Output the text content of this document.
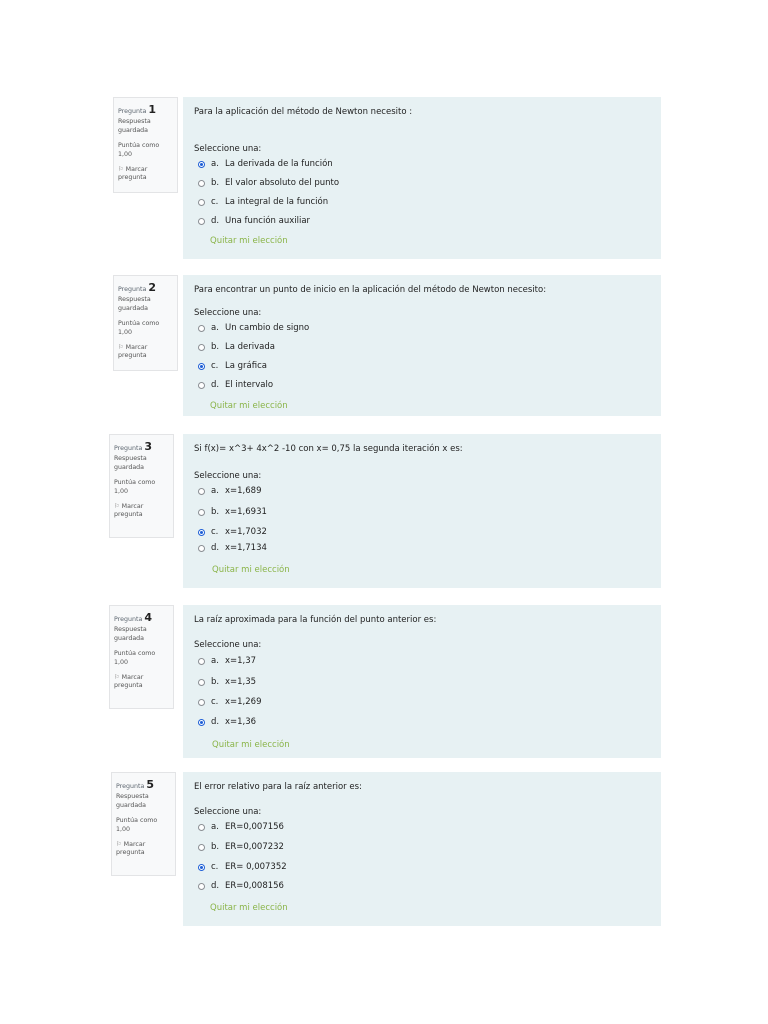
Pregunta 1
Respuesta guardada
Puntúa como 1,00
⚐ Marcar pregunta
Para la aplicación del método de Newton necesito :
Seleccione una:
a. La derivada de la función
b. El valor absoluto del punto
c. La integral de la función
d. Una función auxiliar
Quitar mi elección
Pregunta 2
Respuesta guardada
Puntúa como 1,00
⚐ Marcar pregunta
Para encontrar un punto de inicio en la aplicación del método de Newton necesito:
Seleccione una:
a. Un cambio de signo
b. La derivada
c. La gráfica
d. El intervalo
Quitar mi elección
Pregunta 3
Respuesta guardada
Puntúa como 1,00
⚐ Marcar pregunta
Si f(x)= x^3+ 4x^2 -10 con x= 0,75 la segunda iteración x es:
Seleccione una:
a. x=1,689
b. x=1,6931
c. x=1,7032
d. x=1,7134
Quitar mi elección
Pregunta 4
Respuesta guardada
Puntúa como 1,00
⚐ Marcar pregunta
La raíz aproximada para la función del punto anterior es:
Seleccione una:
a. x=1,37
b. x=1,35
c. x=1,269
d. x=1,36
Quitar mi elección
Pregunta 5
Respuesta guardada
Puntúa como 1,00
⚐ Marcar pregunta
El error relativo para la raíz anterior es:
Seleccione una:
a. ER=0,007156
b. ER=0,007232
c. ER= 0,007352
d. ER=0,008156
Quitar mi elección
